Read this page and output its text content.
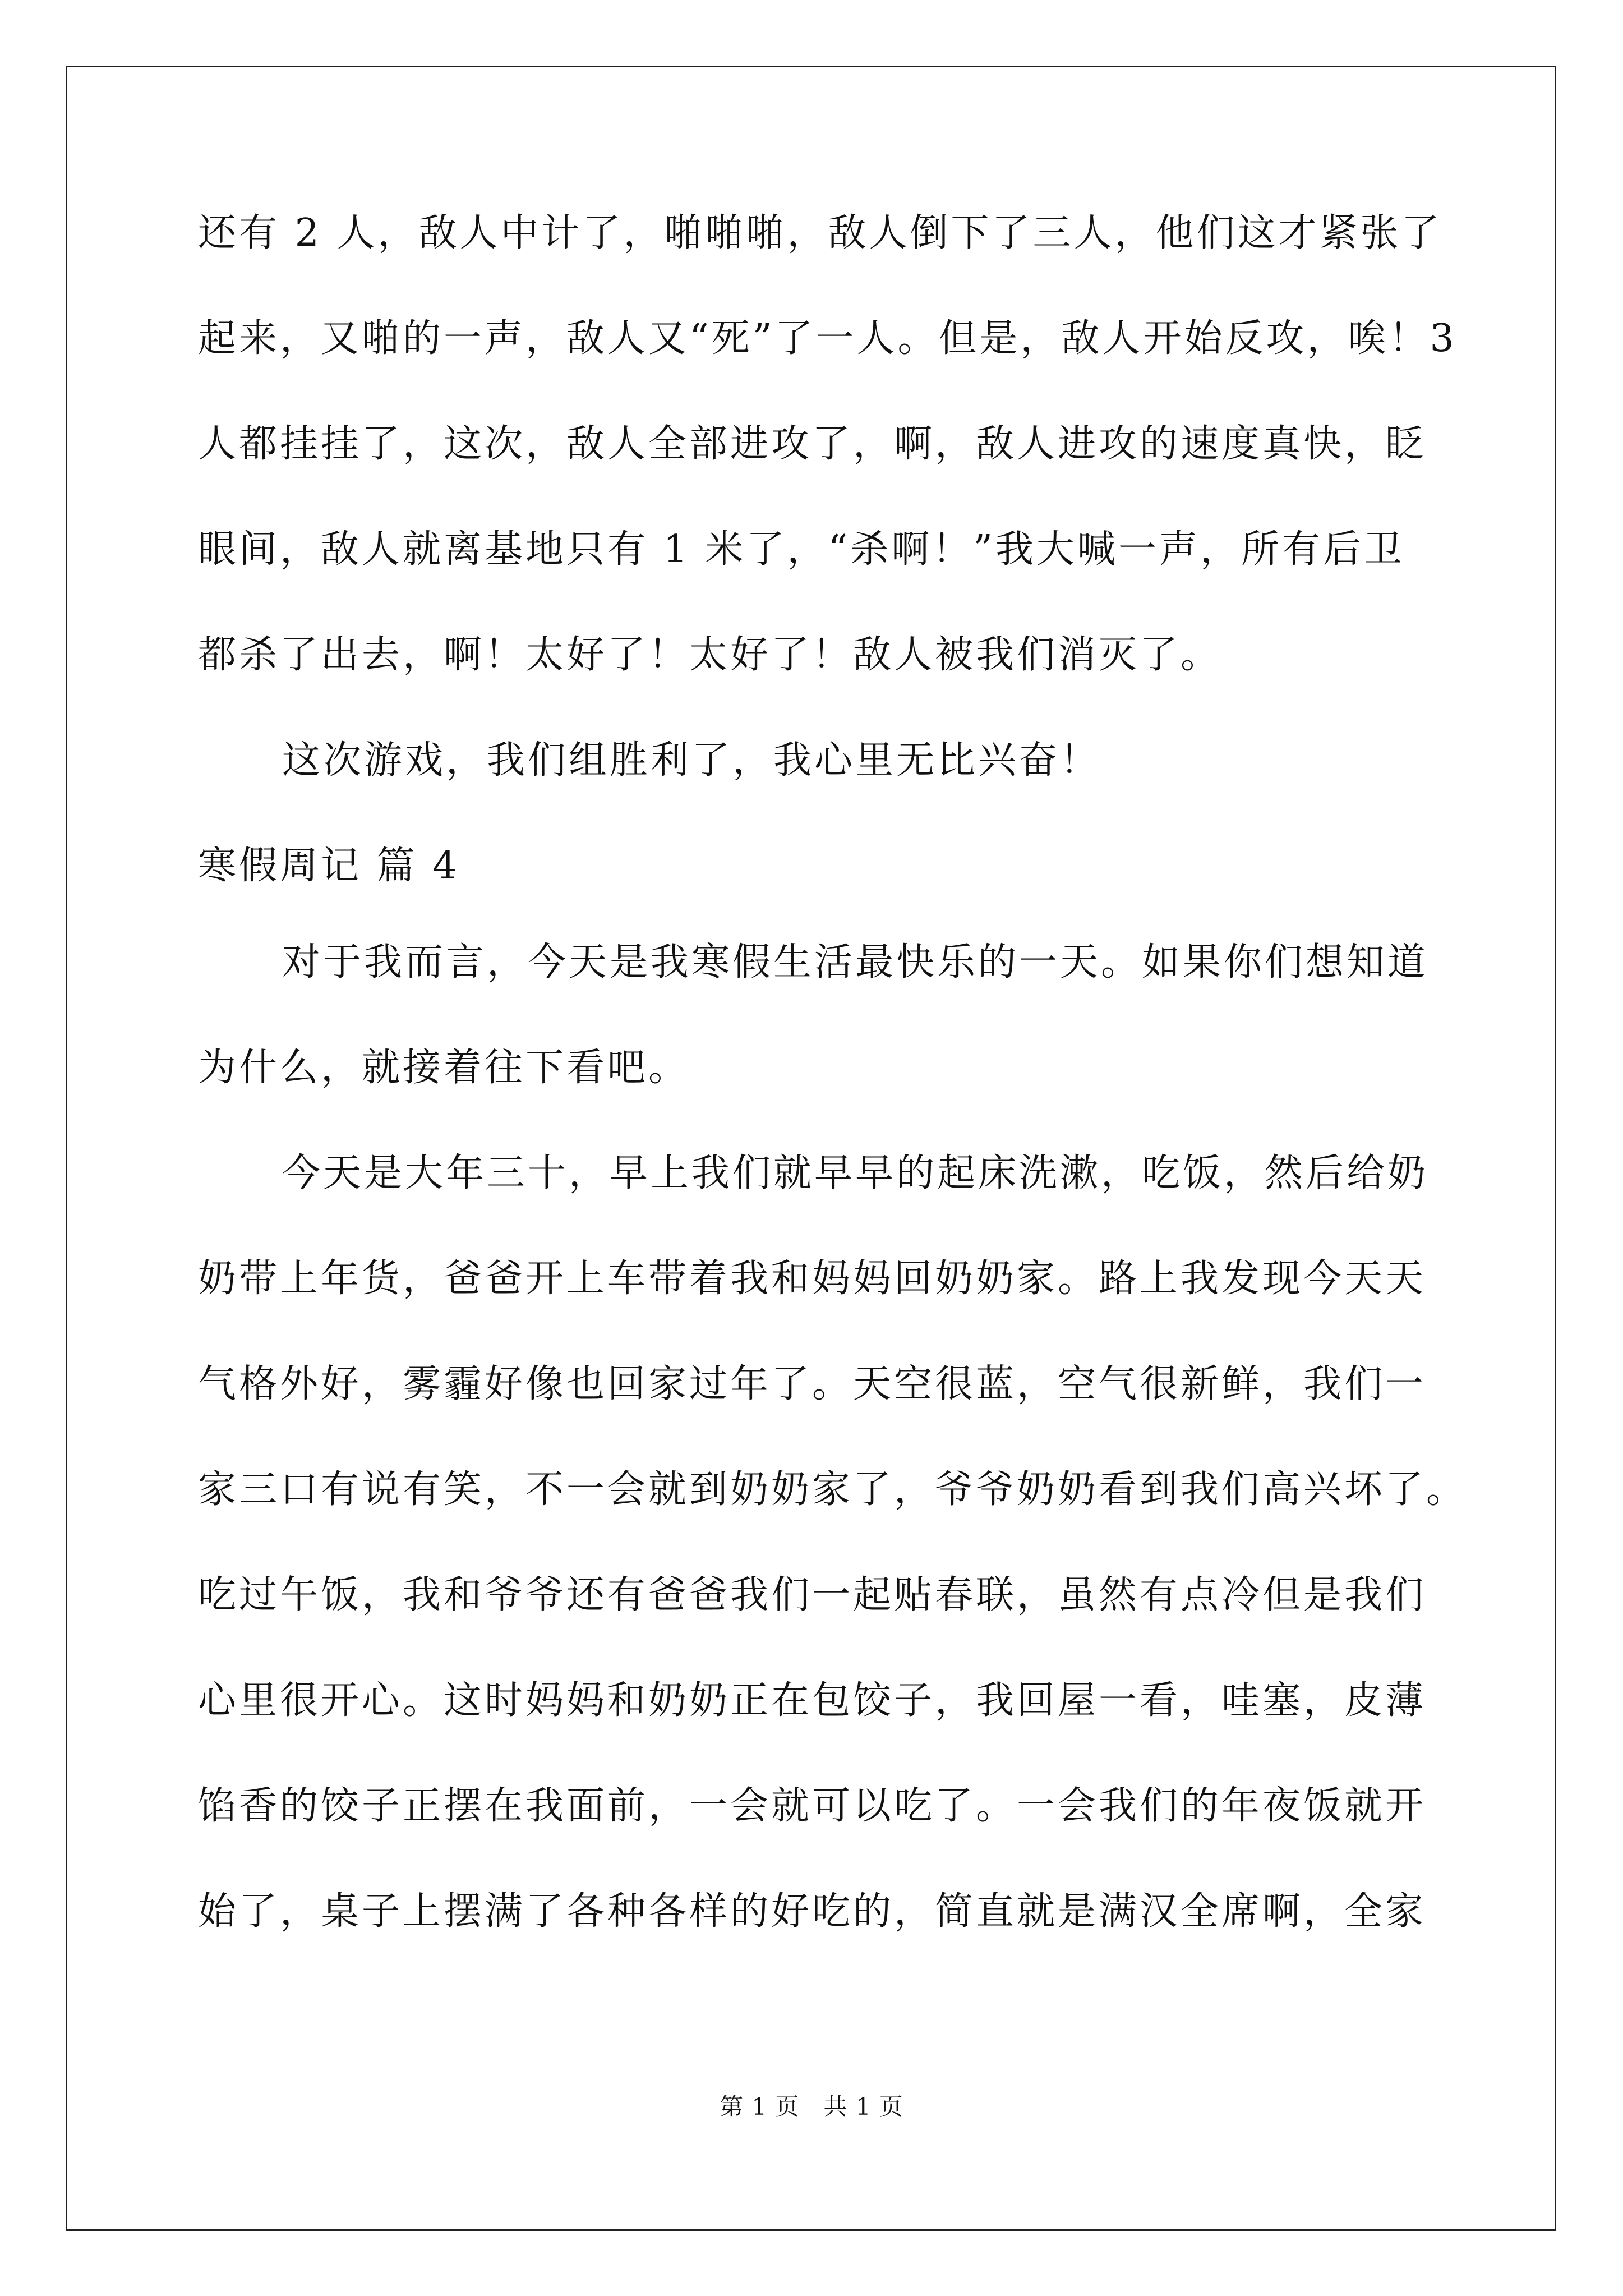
还有 2 人，敌人中计了，啪啪啪，敌人倒下了三人，他们这才紧张了
起来，又啪的一声，敌人又“死”了一人。但是，敌人开始反攻，唉！3
人都挂挂了，这次，敌人全部进攻了，啊，敌人进攻的速度真快，眨
眼间，敌人就离基地只有 1 米了，“杀啊！”我大喊一声，所有后卫
都杀了出去，啊！太好了！太好了！敌人被我们消灭了。
这次游戏，我们组胜利了，我心里无比兴奋！
寒假周记 篇 4
对于我而言，今天是我寒假生活最快乐的一天。如果你们想知道
为什么，就接着往下看吧。
今天是大年三十，早上我们就早早的起床洗漱，吃饭，然后给奶
奶带上年货，爸爸开上车带着我和妈妈回奶奶家。路上我发现今天天
气格外好，雾霾好像也回家过年了。天空很蓝，空气很新鲜，我们一
家三口有说有笑，不一会就到奶奶家了，爷爷奶奶看到我们高兴坏了。
吃过午饭，我和爷爷还有爸爸我们一起贴春联，虽然有点冷但是我们
心里很开心。这时妈妈和奶奶正在包饺子，我回屋一看，哇塞，皮薄
馅香的饺子正摆在我面前，一会就可以吃了。一会我们的年夜饭就开
始了，桌子上摆满了各种各样的好吃的，简直就是满汉全席啊，全家
第 1 页　共 1 页
